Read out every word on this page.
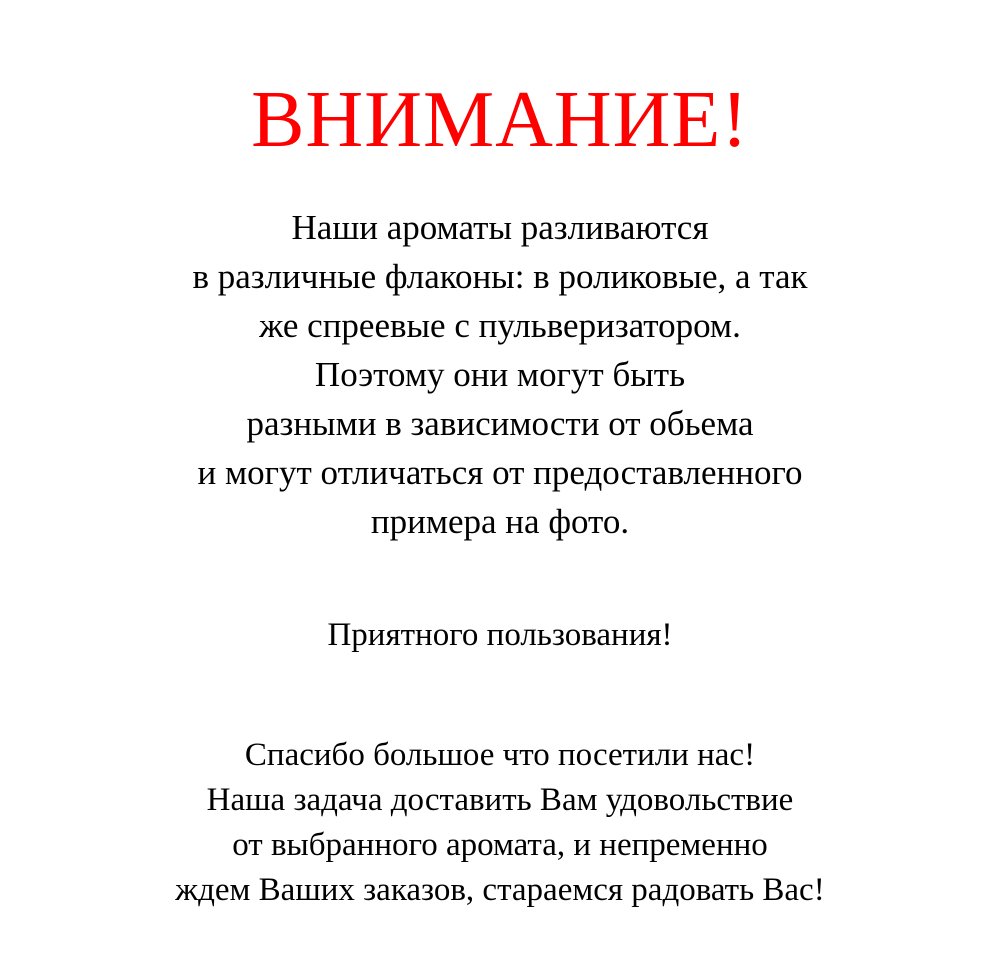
ВНИМАНИЕ!

Наши ароматы разливаются
в различные флаконы: в роликовые, а так
же спреевые с пульверизатором.
Поэтому они могут быть
разными в зависимости от обьема
и могут отличаться от предоставленного
примера на фото.

Приятного пользования!

Спасибо большое что посетили нас!
Наша задача доставить Вам удовольствие
от выбранного аромата, и непременно
ждем Ваших заказов, стараемся радовать Вас!
